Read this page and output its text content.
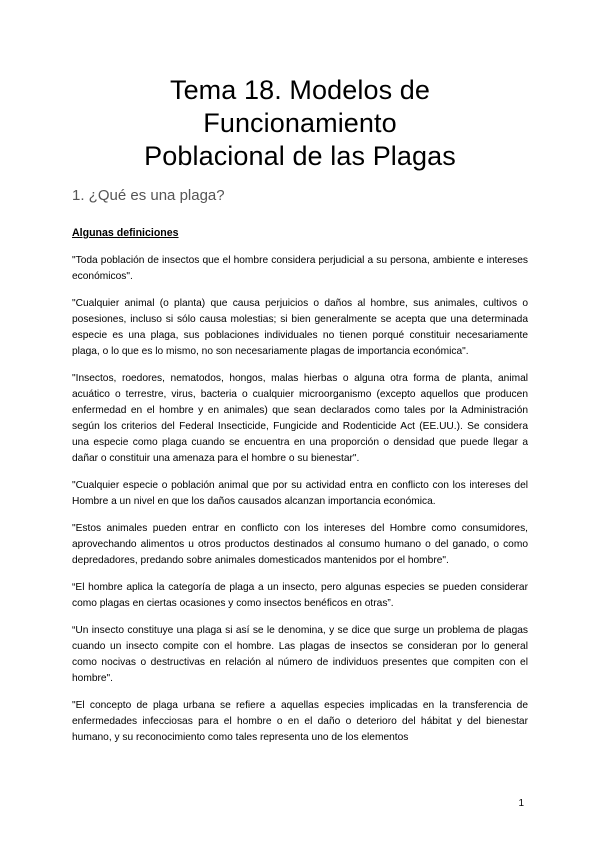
Tema 18. Modelos de Funcionamiento
Poblacional de las Plagas
1. ¿Qué es una plaga?
Algunas definiciones

"Toda población de insectos que el hombre considera perjudicial a su persona, ambiente e intereses económicos".

"Cualquier animal (o planta) que causa perjuicios o daños al hombre, sus animales, cultivos o posesiones, incluso si sólo causa molestias; si bien generalmente se acepta que una determinada especie es una plaga, sus poblaciones individuales no tienen porqué constituir necesariamente plaga, o lo que es lo mismo, no son necesariamente plagas de importancia económica".

"Insectos, roedores, nematodos, hongos, malas hierbas o alguna otra forma de planta, animal acuático o terrestre, virus, bacteria o cualquier microorganismo (excepto aquellos que producen enfermedad en el hombre y en animales) que sean declarados como tales por la Administración según los criterios del Federal Insecticide, Fungicide and Rodenticide Act (EE.UU.). Se considera una especie como plaga cuando se encuentra en una proporción o densidad que puede llegar a dañar o constituir una amenaza para el hombre o su bienestar".

"Cualquier especie o población animal que por su actividad entra en conflicto con los intereses del Hombre a un nivel en que los daños causados alcanzan importancia económica.

"Estos animales pueden entrar en conflicto con los intereses del Hombre como consumidores, aprovechando alimentos u otros productos destinados al consumo humano o del ganado, o como depredadores, predando sobre animales domesticados mantenidos por el hombre".

“El hombre aplica la categoría de plaga a un insecto, pero algunas especies se pueden considerar como plagas en ciertas ocasiones y como insectos benéficos en otras”.

“Un insecto constituye una plaga si así se le denomina, y se dice que surge un problema de plagas cuando un insecto compite con el hombre. Las plagas de insectos se consideran por lo general como nocivas o destructivas en relación al número de individuos presentes que compiten con el hombre".

"El concepto de plaga urbana se refiere a aquellas especies implicadas en la transferencia de enfermedades infecciosas para el hombre o en el daño o deterioro del hábitat y del bienestar humano, y su reconocimiento como tales representa uno de los elementos

1
